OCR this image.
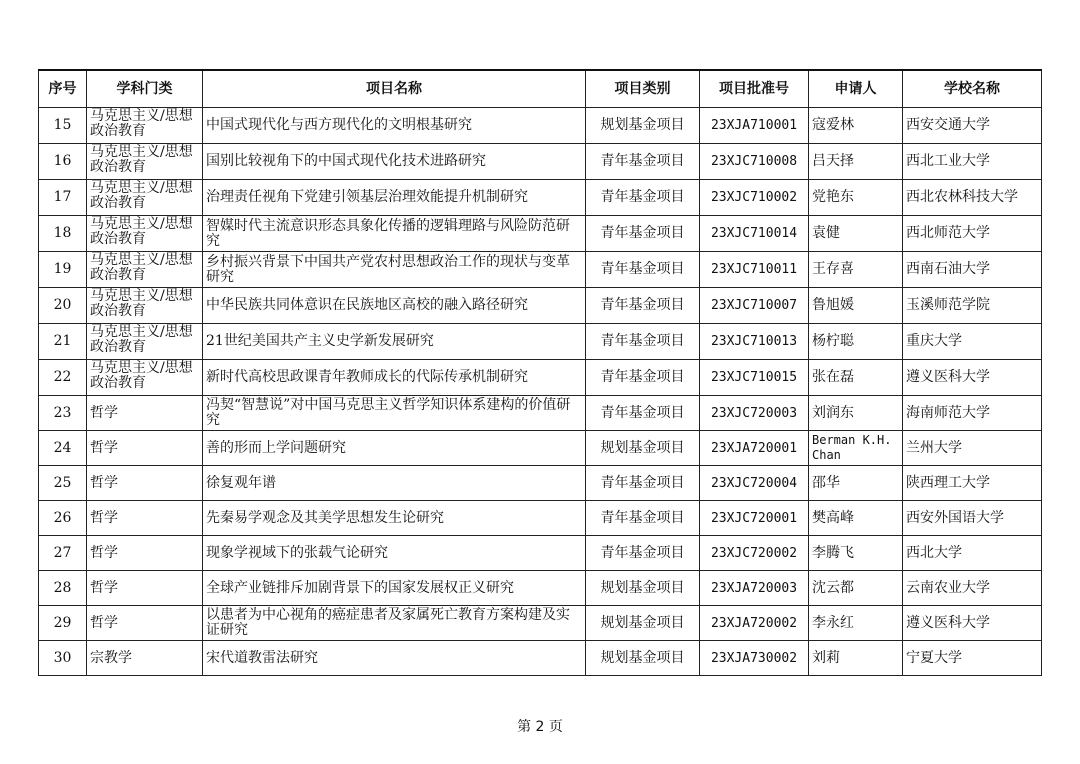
序号	学科门类	项目名称	项目类别	项目批准号	申请人	学校名称
15	马克思主义/思想政治教育	中国式现代化与西方现代化的文明根基研究	规划基金项目	23XJA710001	寇爱林	西安交通大学
16	马克思主义/思想政治教育	国别比较视角下的中国式现代化技术进路研究	青年基金项目	23XJC710008	吕天择	西北工业大学
17	马克思主义/思想政治教育	治理责任视角下党建引领基层治理效能提升机制研究	青年基金项目	23XJC710002	党艳东	西北农林科技大学
18	马克思主义/思想政治教育	智媒时代主流意识形态具象化传播的逻辑理路与风险防范研究	青年基金项目	23XJC710014	袁健	西北师范大学
19	马克思主义/思想政治教育	乡村振兴背景下中国共产党农村思想政治工作的现状与变革研究	青年基金项目	23XJC710011	王存喜	西南石油大学
20	马克思主义/思想政治教育	中华民族共同体意识在民族地区高校的融入路径研究	青年基金项目	23XJC710007	鲁旭媛	玉溪师范学院
21	马克思主义/思想政治教育	21世纪美国共产主义史学新发展研究	青年基金项目	23XJC710013	杨柠聪	重庆大学
22	马克思主义/思想政治教育	新时代高校思政课青年教师成长的代际传承机制研究	青年基金项目	23XJC710015	张在磊	遵义医科大学
23	哲学	冯契“智慧说”对中国马克思主义哲学知识体系建构的价值研究	青年基金项目	23XJC720003	刘润东	海南师范大学
24	哲学	善的形而上学问题研究	规划基金项目	23XJA720001	Berman K.H. Chan	兰州大学
25	哲学	徐复观年谱	青年基金项目	23XJC720004	邵华	陕西理工大学
26	哲学	先秦易学观念及其美学思想发生论研究	青年基金项目	23XJC720001	樊高峰	西安外国语大学
27	哲学	现象学视域下的张载气论研究	青年基金项目	23XJC720002	李腾飞	西北大学
28	哲学	全球产业链排斥加剧背景下的国家发展权正义研究	规划基金项目	23XJA720003	沈云都	云南农业大学
29	哲学	以患者为中心视角的癌症患者及家属死亡教育方案构建及实证研究	规划基金项目	23XJA720002	李永红	遵义医科大学
30	宗教学	宋代道教雷法研究	规划基金项目	23XJA730002	刘莉	宁夏大学
第 2 页
